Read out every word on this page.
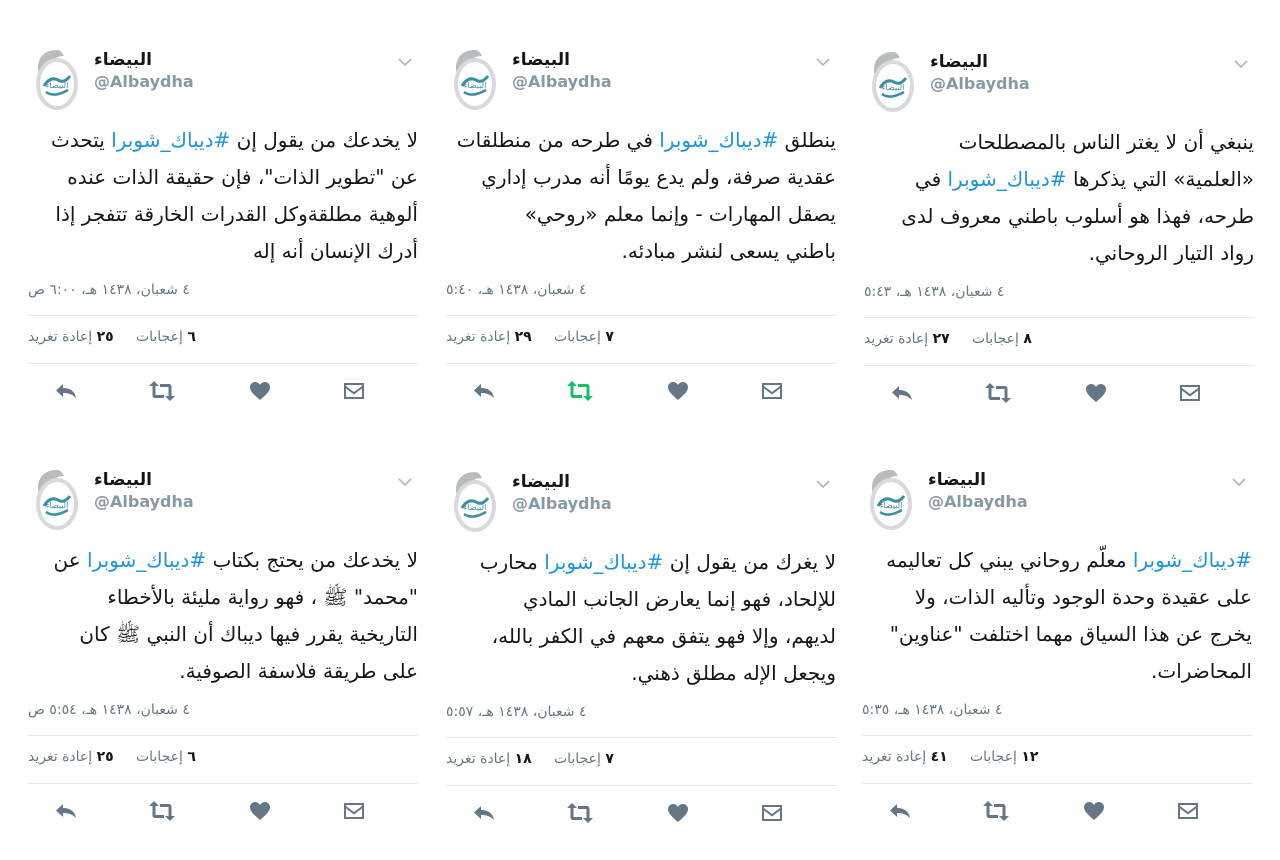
البيضاء
البيضاء
@Albaydha
ينبغي أن لا يغتر الناس بالمصطلحات
«العلمية» التي يذكرها #ديباك_شوبرا في
طرحه، فهذا هو أسلوب باطني معروف لدى
رواد التيار الروحاني.
٤ شعبان، ١٤٣٨ هـ، ٥:٤٣
٨ إعجابات     ٢٧ إعادة تغريد
البيضاء
البيضاء
@Albaydha
ينطلق #ديباك_شوبرا في طرحه من منطلقات
عقدية صرفة، ولم يدع يومًا أنه مدرب إداري
يصقل المهارات - وإنما معلم «روحي»
باطني يسعى لنشر مبادئه.
٤ شعبان، ١٤٣٨ هـ، ٥:٤٠
٧ إعجابات     ٢٩ إعادة تغريد
البيضاء
البيضاء
@Albaydha
لا يخدعك من يقول إن #ديباك_شوبرا يتحدث
عن "تطوير الذات"، فإن حقيقة الذات عنده
ألوهية مطلقةوكل القدرات الخارقة تتفجر إذا
أدرك الإنسان أنه إله
٤ شعبان، ١٤٣٨ هـ، ٦:٠٠ ص
٦ إعجابات     ٢٥ إعادة تغريد
البيضاء
البيضاء
@Albaydha
#ديباك_شوبرا معلّم روحاني يبني كل تعاليمه
على عقيدة وحدة الوجود وتأليه الذات، ولا
يخرج عن هذا السياق مهما اختلفت "عناوين"
المحاضرات.
٤ شعبان، ١٤٣٨ هـ، ٥:٣٥
١٢ إعجابات     ٤١ إعادة تغريد
البيضاء
البيضاء
@Albaydha
لا يغرك من يقول إن #ديباك_شوبرا محارب
للإلحاد، فهو إنما يعارض الجانب المادي
لديهم، وإلا فهو يتفق معهم في الكفر بالله،
ويجعل الإله مطلق ذهني.
٤ شعبان، ١٤٣٨ هـ، ٥:٥٧
٧ إعجابات     ١٨ إعادة تغريد
البيضاء
البيضاء
@Albaydha
لا يخدعك من يحتج بكتاب #ديباك_شوبرا عن
"محمد" ﷺ ، فهو رواية مليئة بالأخطاء
التاريخية يقرر فيها ديباك أن النبي ﷺ كان
على طريقة فلاسفة الصوفية.
٤ شعبان، ١٤٣٨ هـ، ٥:٥٤ ص
٦ إعجابات     ٢٥ إعادة تغريد
